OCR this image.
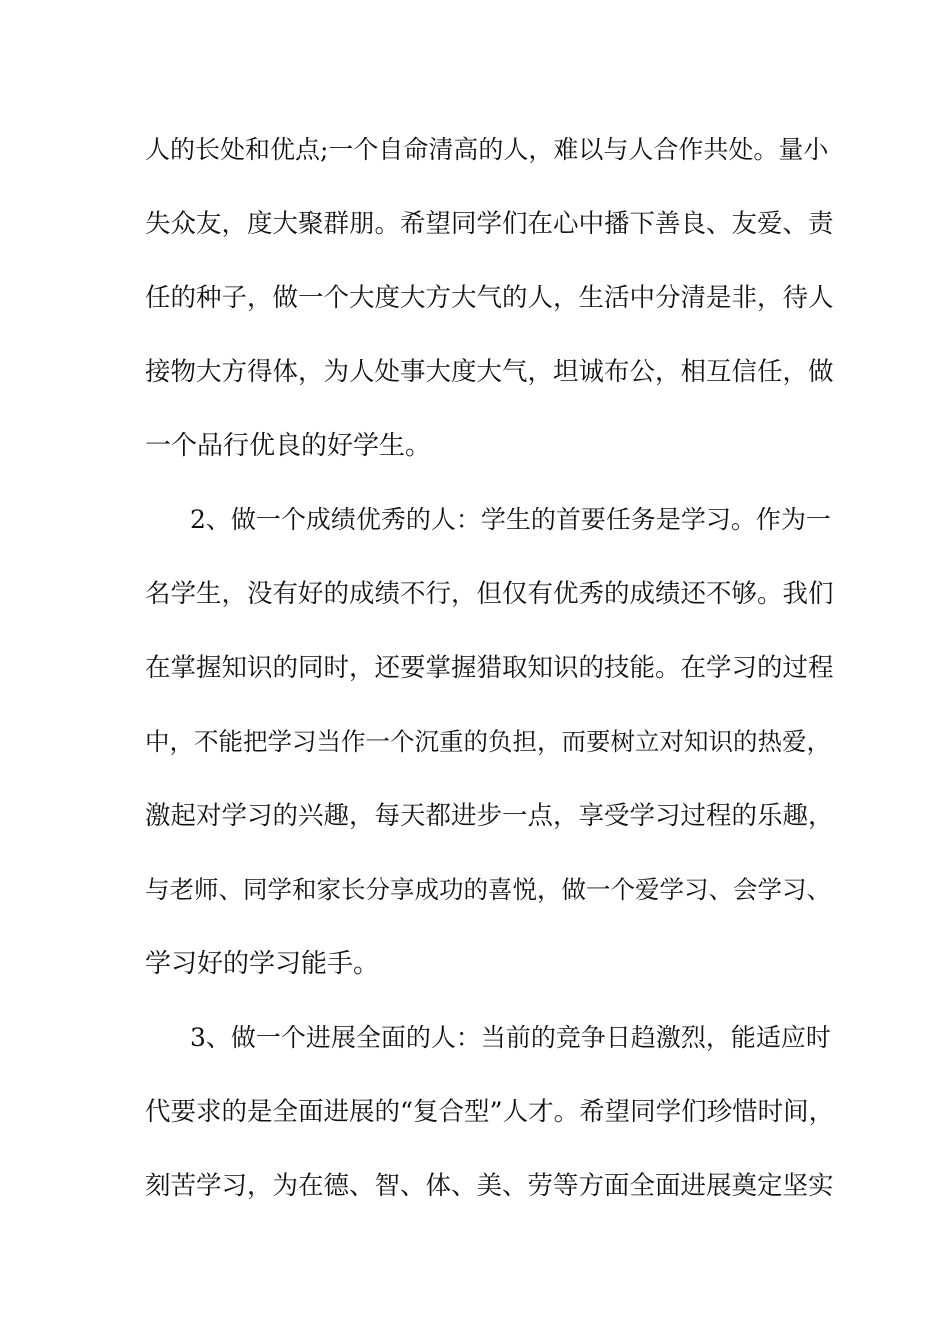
人的长处和优点;一个自命清高的人，难以与人合作共处。量小
失众友，度大聚群朋。希望同学们在心中播下善良、友爱、责
任的种子，做一个大度大方大气的人，生活中分清是非，待人
接物大方得体，为人处事大度大气，坦诚布公，相互信任，做
一个品行优良的好学生。
2、做一个成绩优秀的人：学生的首要任务是学习。作为一
名学生，没有好的成绩不行，但仅有优秀的成绩还不够。我们
在掌握知识的同时，还要掌握猎取知识的技能。在学习的过程
中，不能把学习当作一个沉重的负担，而要树立对知识的热爱，
激起对学习的兴趣，每天都进步一点，享受学习过程的乐趣，
与老师、同学和家长分享成功的喜悦，做一个爱学习、会学习、
学习好的学习能手。
3、做一个进展全面的人：当前的竞争日趋激烈，能适应时
代要求的是全面进展的“复合型”人才。希望同学们珍惜时间，
刻苦学习，为在德、智、体、美、劳等方面全面进展奠定坚实
